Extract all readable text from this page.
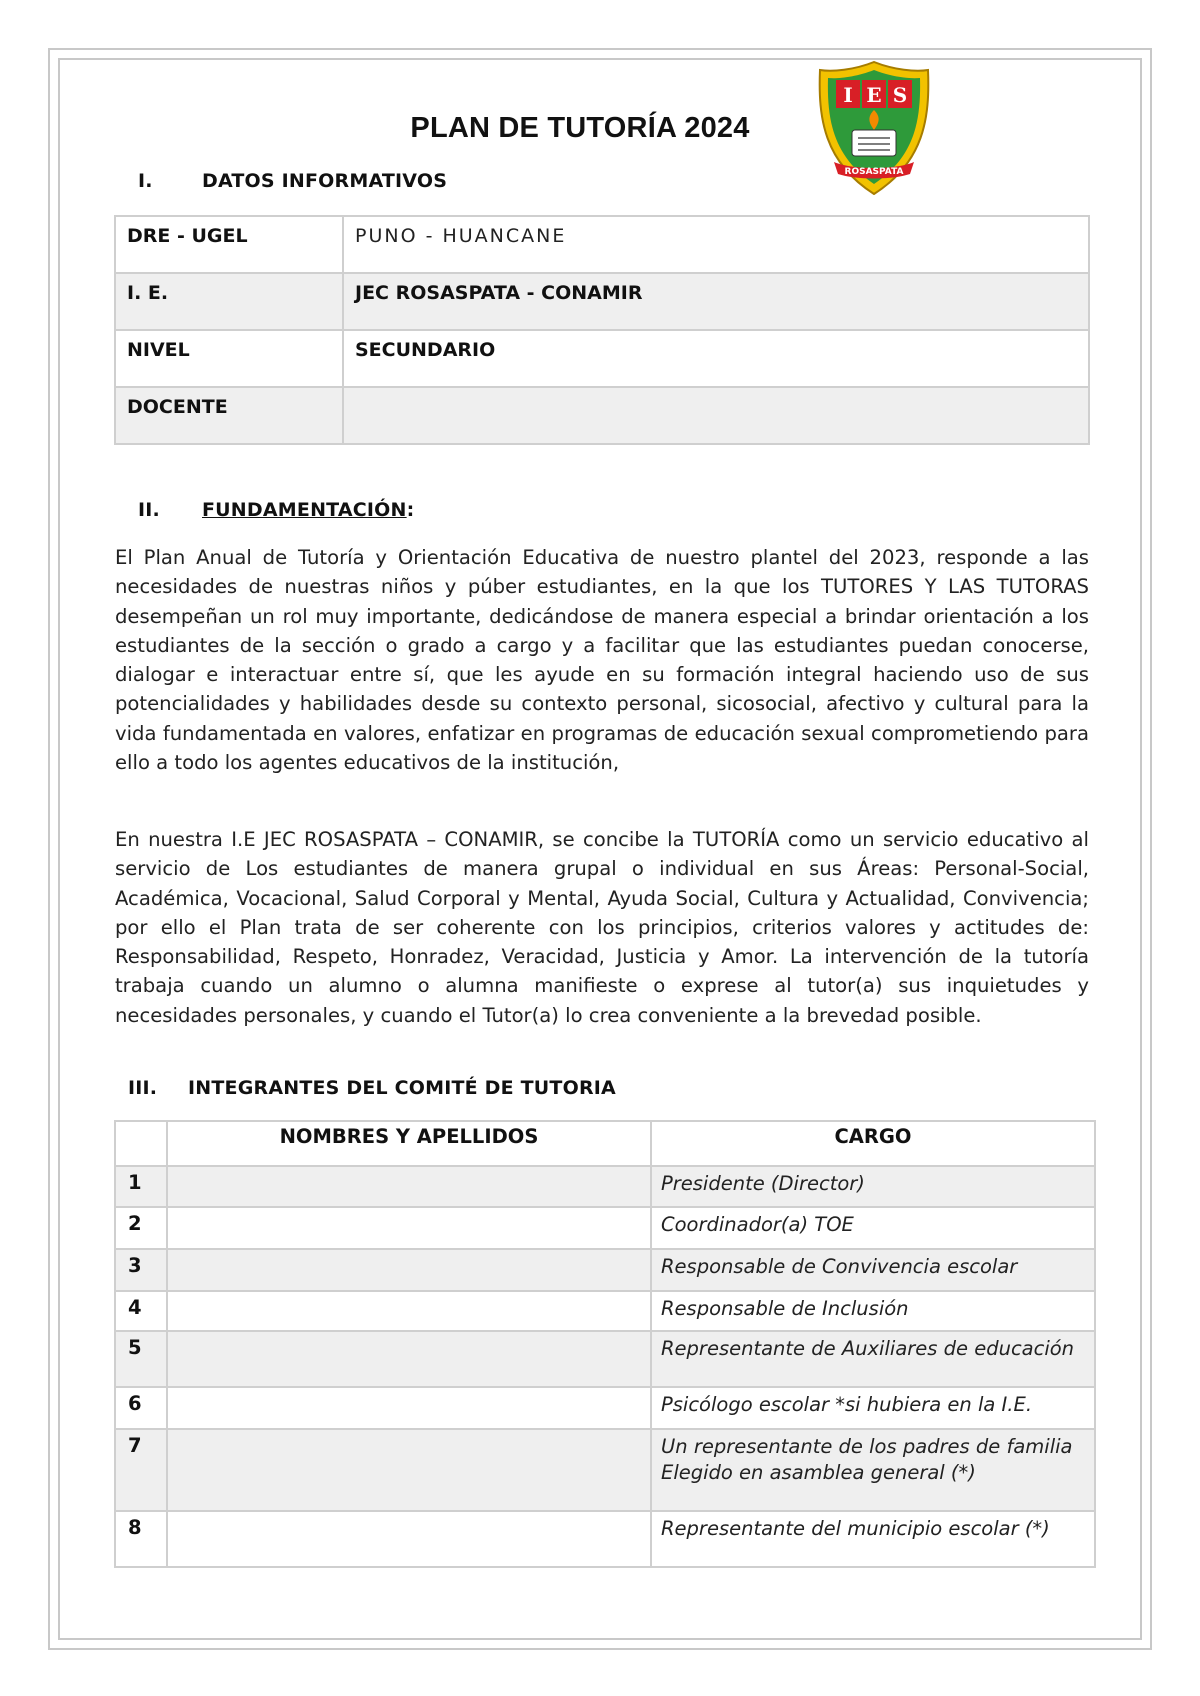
PLAN DE TUTORÍA 2024
I E S
ROSASPATA
I.	DATOS INFORMATIVOS
DRE - UGEL	PUNO - HUANCANE
I. E.	JEC ROSASPATA - CONAMIR
NIVEL	SECUNDARIO
DOCENTE	
II. FUNDAMENTACIÓN:

El Plan Anual de Tutoría y Orientación Educativa de nuestro plantel del 2023, responde a las necesidades de nuestras niños y púber estudiantes, en la que los TUTORES Y LAS TUTORAS desempeñan un rol muy importante, dedicándose de manera especial a brindar orientación a los estudiantes de la sección o grado a cargo y a facilitar que las estudiantes puedan conocerse, dialogar e interactuar entre sí, que les ayude en su formación integral haciendo uso de sus potencialidades y habilidades desde su contexto personal, sicosocial, afectivo y cultural para la vida fundamentada en valores, enfatizar en programas de educación sexual comprometiendo para ello a todo los agentes educativos de la institución,

En nuestra I.E JEC ROSASPATA – CONAMIR, se concibe la TUTORÍA como un servicio educativo al servicio de Los estudiantes de manera grupal o individual en sus Áreas: Personal-Social, Académica, Vocacional, Salud Corporal y Mental, Ayuda Social, Cultura y Actualidad, Convivencia; por ello el Plan trata de ser coherente con los principios, criterios valores y actitudes de: Responsabilidad, Respeto, Honradez, Veracidad, Justicia y Amor. La intervención de la tutoría trabaja cuando un alumno o alumna manifieste o exprese al tutor(a) sus inquietudes y necesidades personales, y cuando el Tutor(a) lo crea conveniente a la brevedad posible.

III. INTEGRANTES DEL COMITÉ DE TUTORIA
	NOMBRES Y APELLIDOS	CARGO
1		Presidente (Director)
2		Coordinador(a) TOE
3		Responsable de Convivencia escolar
4		Responsable de Inclusión
5		Representante de Auxiliares de educación
6		Psicólogo escolar *si hubiera en la I.E.
7		Un representante de los padres de familia Elegido en asamblea general (*)
8		Representante del municipio escolar (*)
